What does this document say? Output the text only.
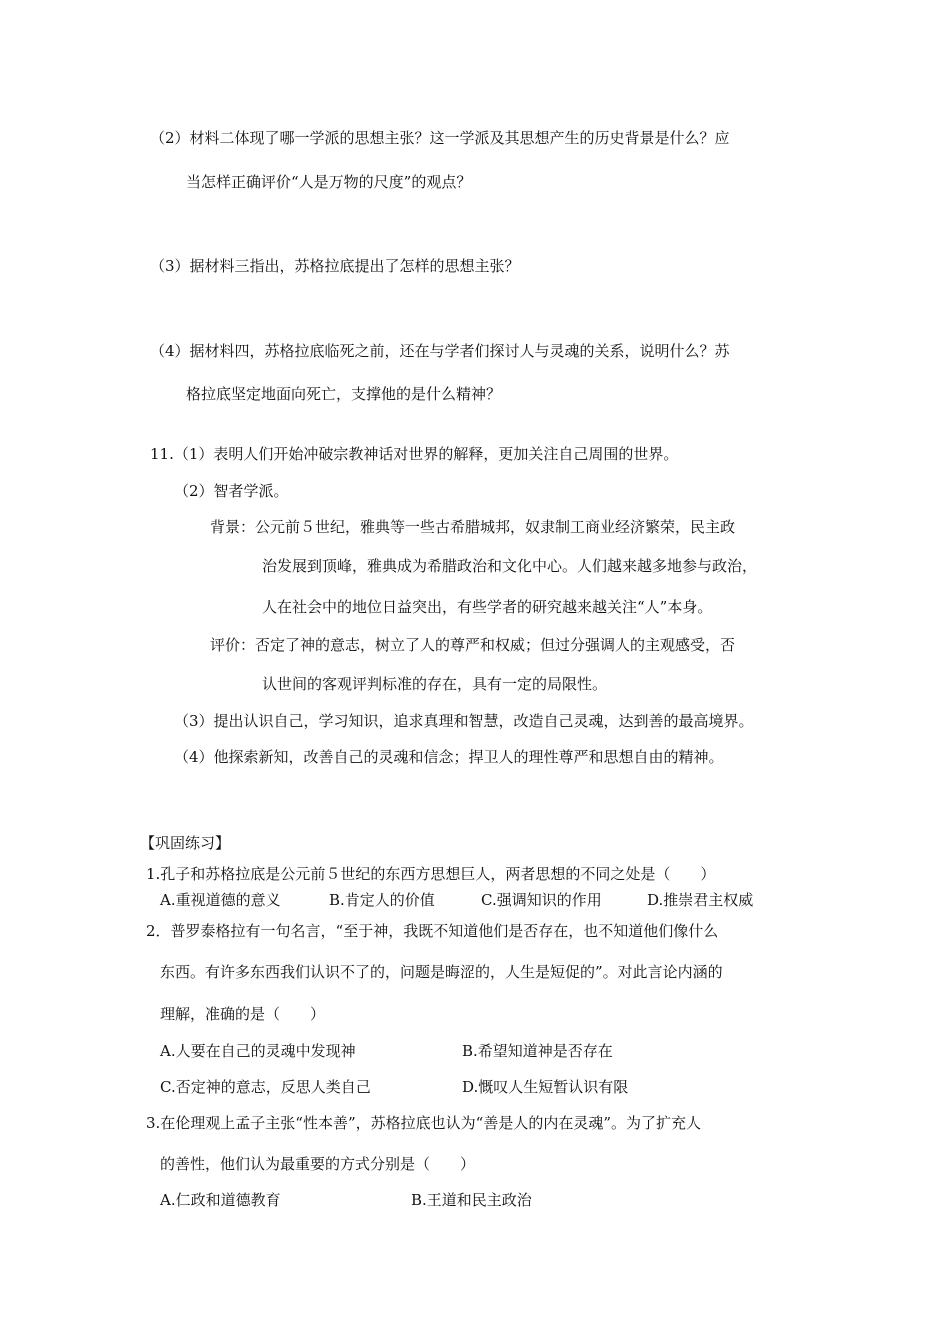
（2）材料二体现了哪一学派的思想主张？这一学派及其思想产生的历史背景是什么？应
当怎样正确评价“人是万物的尺度”的观点？
（3）据材料三指出，苏格拉底提出了怎样的思想主张？
（4）据材料四，苏格拉底临死之前，还在与学者们探讨人与灵魂的关系，说明什么？苏
格拉底坚定地面向死亡，支撑他的是什么精神？
11.（1）表明人们开始冲破宗教神话对世界的解释，更加关注自己周围的世界。
（2）智者学派。
背景：公元前５世纪，雅典等一些古希腊城邦，奴隶制工商业经济繁荣，民主政
治发展到顶峰，雅典成为希腊政治和文化中心。人们越来越多地参与政治，
人在社会中的地位日益突出，有些学者的研究越来越关注“人”本身。
评价：否定了神的意志，树立了人的尊严和权威；但过分强调人的主观感受，否
认世间的客观评判标准的存在，具有一定的局限性。
（3）提出认识自己，学习知识，追求真理和智慧，改造自己灵魂，达到善的最高境界。
（4）他探索新知，改善自己的灵魂和信念；捍卫人的理性尊严和思想自由的精神。
【巩固练习】
1.孔子和苏格拉底是公元前５世纪的东西方思想巨人，两者思想的不同之处是（　　）
A.重视道德的意义	B.肯定人的价值	C.强调知识的作用	D.推崇君主权威
2．普罗泰格拉有一句名言，“至于神，我既不知道他们是否存在，也不知道他们像什么
东西。有许多东西我们认识不了的，问题是晦涩的，人生是短促的”。对此言论内涵的
理解，准确的是（　　）
A.人要在自己的灵魂中发现神	B.希望知道神是否存在
C.否定神的意志，反思人类自己	D.慨叹人生短暂认识有限
3.在伦理观上孟子主张“性本善”，苏格拉底也认为“善是人的内在灵魂”。为了扩充人
的善性，他们认为最重要的方式分别是（　　）
A.仁政和道德教育	B.王道和民主政治
